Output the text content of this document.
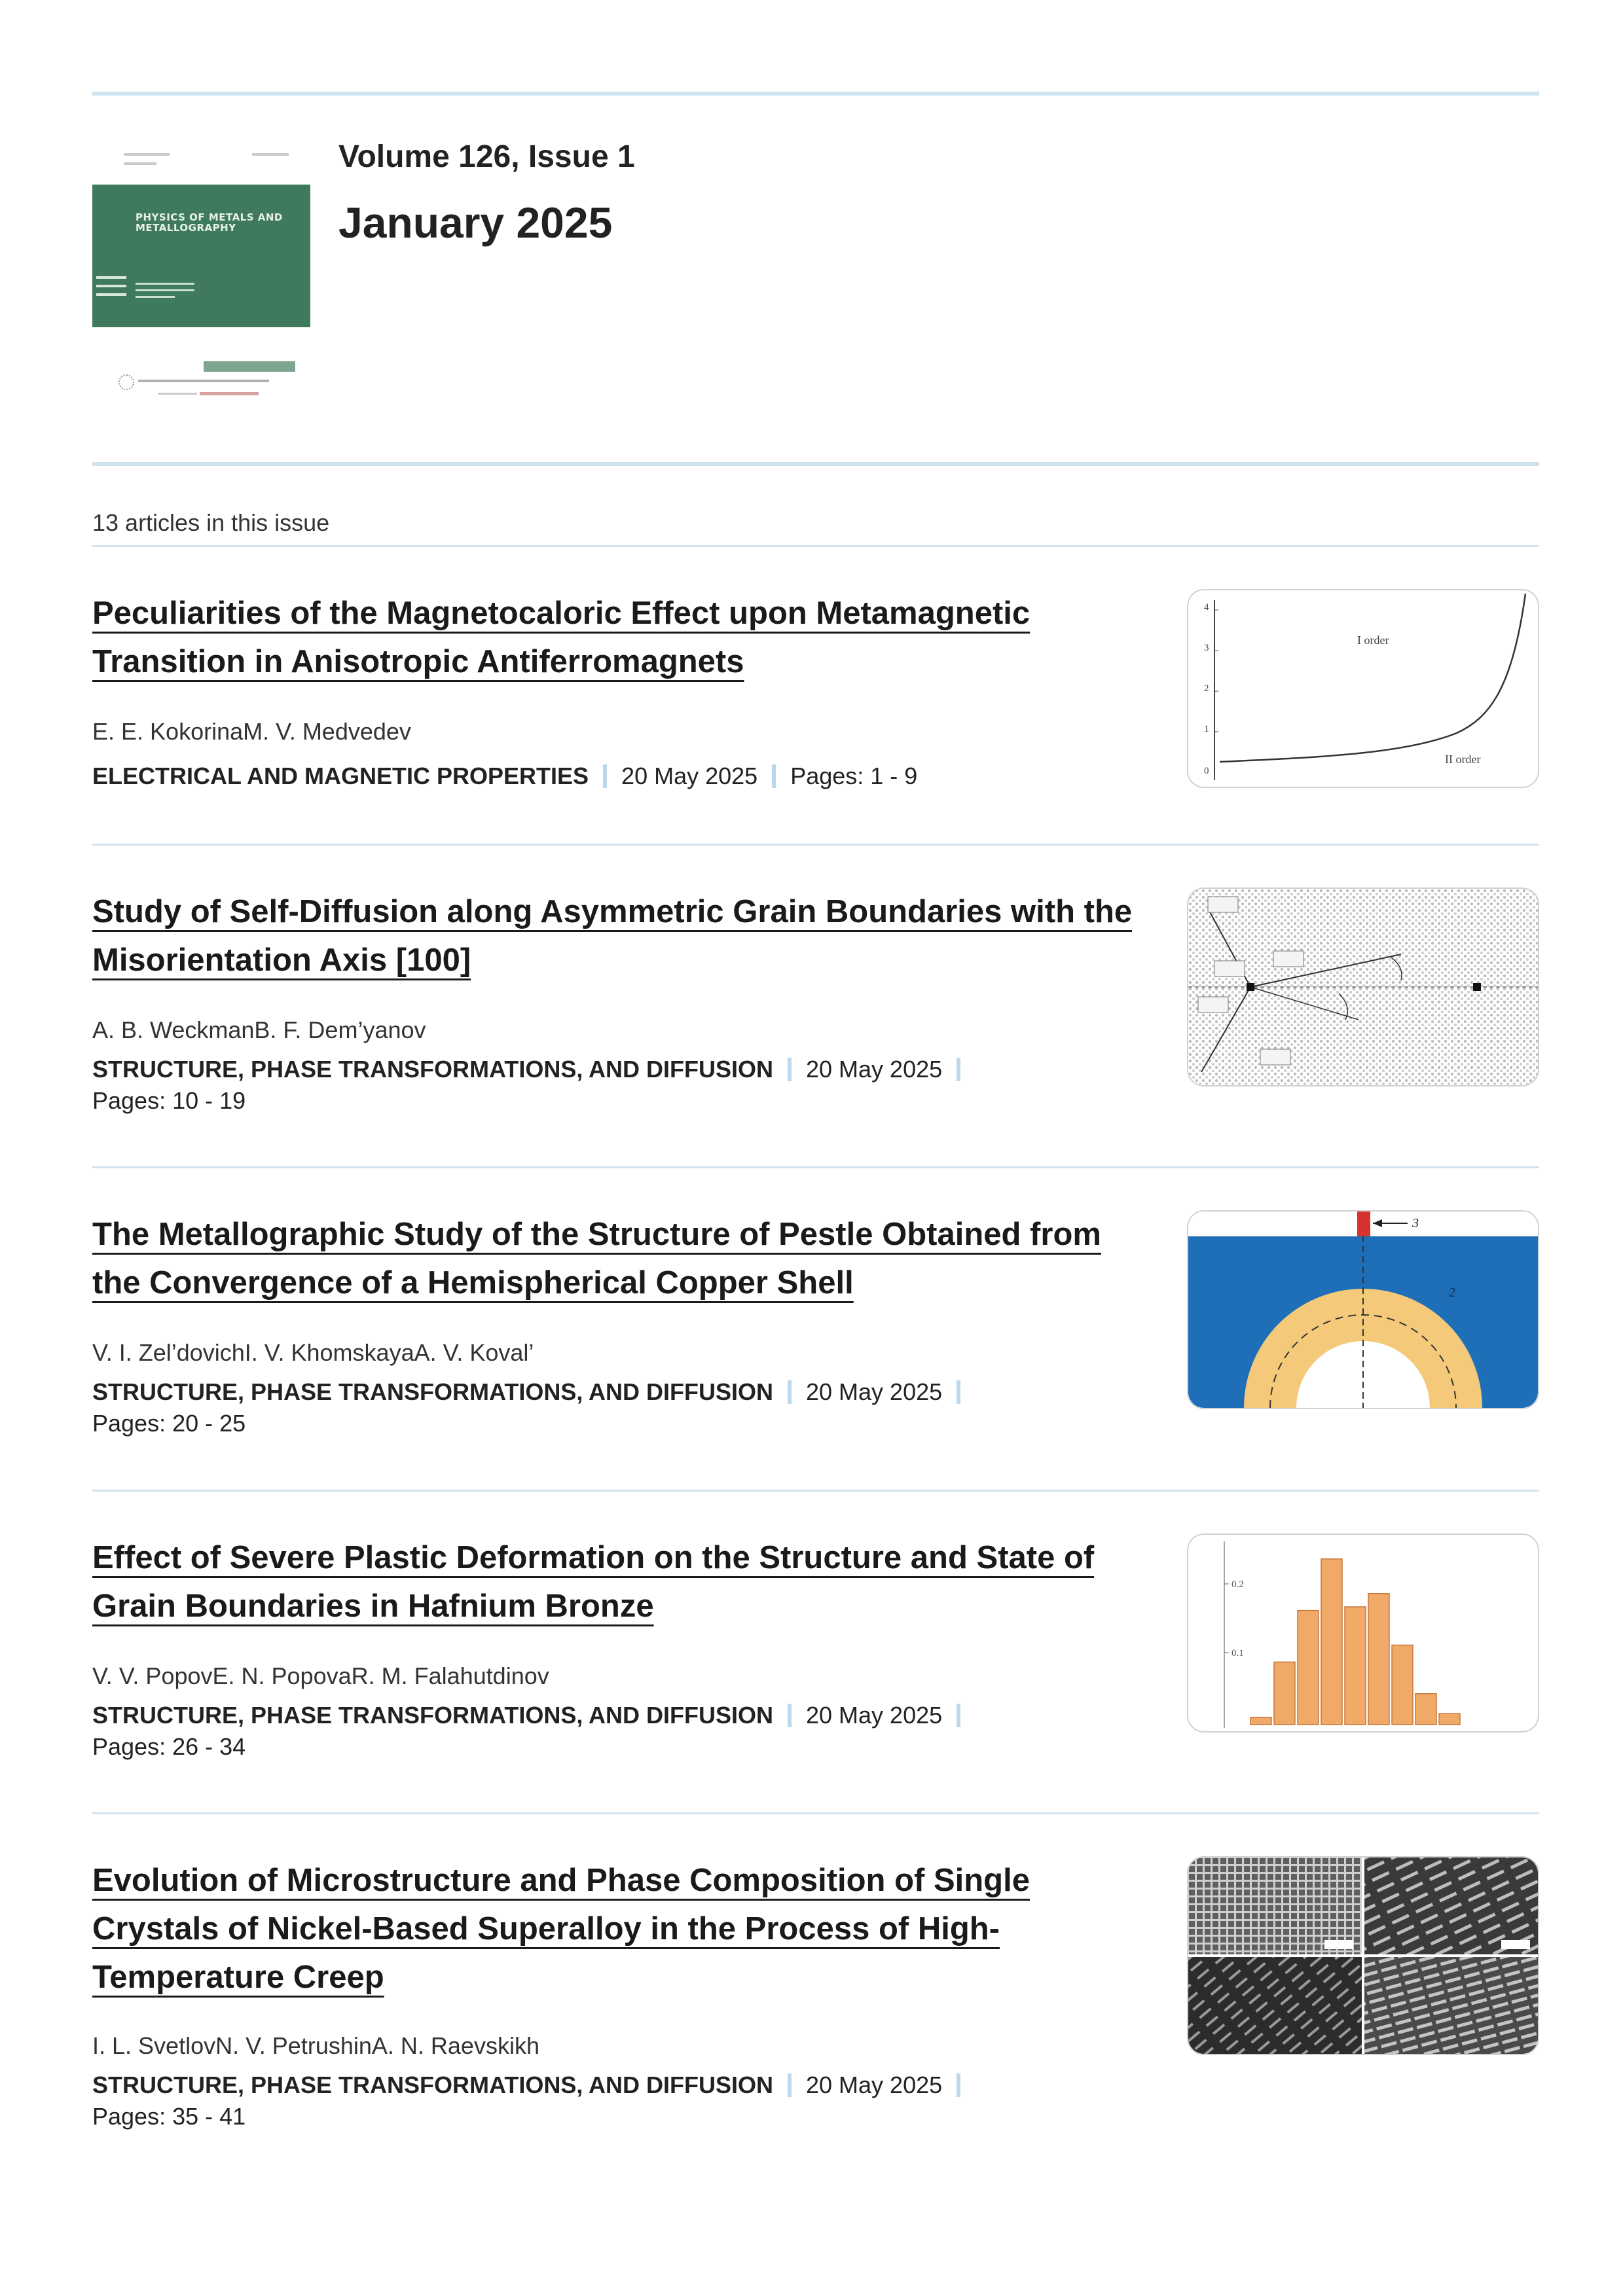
PHYSICS OF METALS AND METALLOGRAPHY
Volume 126, Issue 1
January 2025
13 articles in this issue
Peculiarities of the Magnetocaloric Effect upon Metamagnetic Transition in Anisotropic Antiferromagnets
E. E. KokorinaM. V. Medvedev
ELECTRICAL AND MAGNETIC PROPERTIES 20 May 2025 Pages: 1 - 9
4
3
2
1
0
I order
II order
Study of Self-Diffusion along Asymmetric Grain Boundaries with the Misorientation Axis [100]
A. B. WeckmanB. F. Dem’yanov
STRUCTURE, PHASE TRANSFORMATIONS, AND DIFFUSION 20 May 2025
Pages: 10 - 19
The Metallographic Study of the Structure of Pestle Obtained from the Convergence of a Hemispherical Copper Shell
V. I. Zel’dovichI. V. KhomskayaA. V. Koval’
STRUCTURE, PHASE TRANSFORMATIONS, AND DIFFUSION 20 May 2025
Pages: 20 - 25
3
2
Effect of Severe Plastic Deformation on the Structure and State of Grain Boundaries in Hafnium Bronze
V. V. PopovE. N. PopovaR. M. Falahutdinov
STRUCTURE, PHASE TRANSFORMATIONS, AND DIFFUSION 20 May 2025
Pages: 26 - 34
0.2
0.1
Evolution of Microstructure and Phase Composition of Single Crystals of Nickel-Based Superalloy in the Process of High-Temperature Creep
I. L. SvetlovN. V. PetrushinA. N. Raevskikh
STRUCTURE, PHASE TRANSFORMATIONS, AND DIFFUSION 20 May 2025
Pages: 35 - 41
